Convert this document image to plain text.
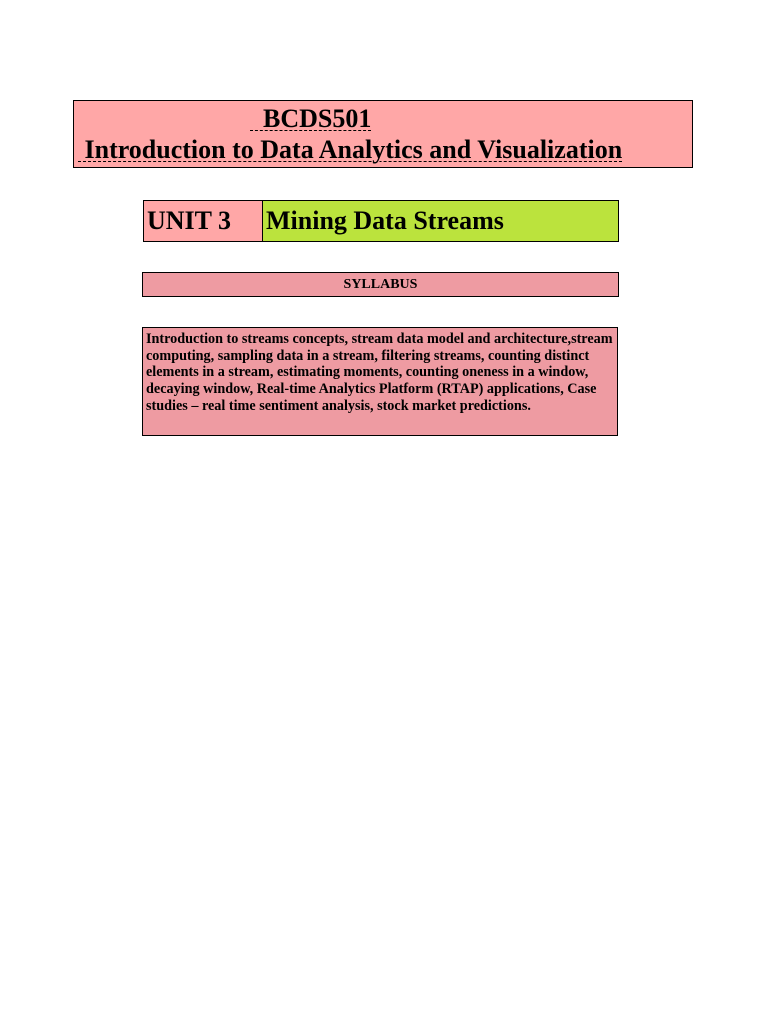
BCDS501
Introduction to Data Analytics and Visualization
UNIT 3	Mining Data Streams
SYLLABUS
Introduction to streams concepts, stream data model and architecture,stream computing, sampling data in a stream, filtering streams, counting distinct elements in a stream, estimating moments, counting oneness in a window, decaying window, Real-time Analytics Platform (RTAP) applications, Case studies – real time sentiment analysis, stock market predictions.
